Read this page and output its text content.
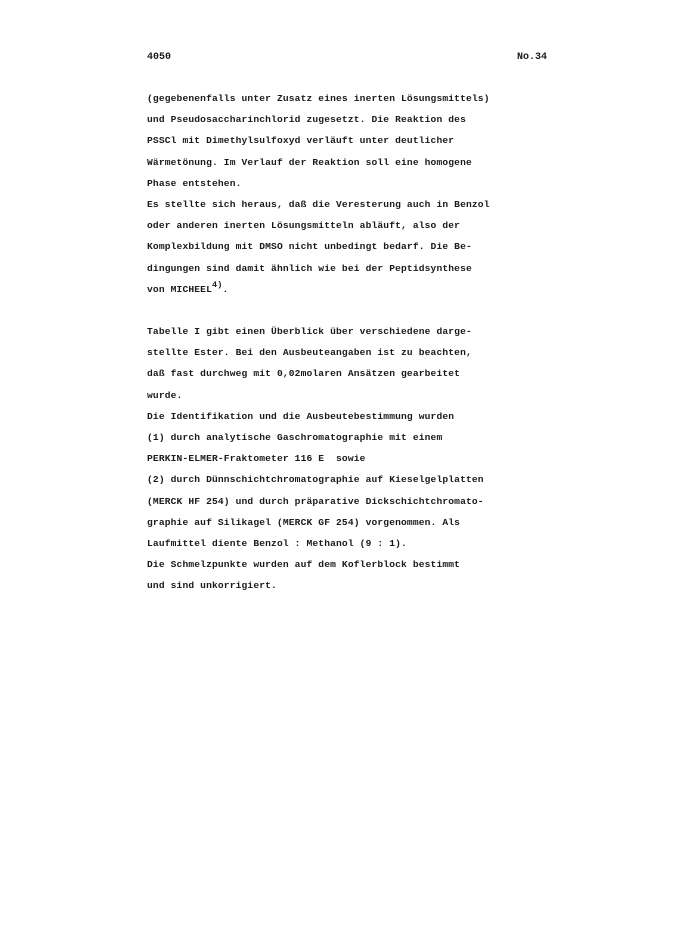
4050	No.34

(gegebenenfalls unter Zusatz eines inerten Lösungsmittels)

und Pseudosaccharinchlorid zugesetzt. Die Reaktion des

PSSCl mit Dimethylsulfoxyd verläuft unter deutlicher

Wärmetönung. Im Verlauf der Reaktion soll eine homogene

Phase entstehen.

Es stellte sich heraus, daß die Veresterung auch in Benzol

oder anderen inerten Lösungsmitteln abläuft, also der

Komplexbildung mit DMSO nicht unbedingt bedarf. Die Be-

dingungen sind damit ähnlich wie bei der Peptidsynthese

von MICHEEL$^{4)}$.

Tabelle I gibt einen Überblick über verschiedene darge-

stellte Ester. Bei den Ausbeuteangaben ist zu beachten,

daß fast durchweg mit 0,02molaren Ansätzen gearbeitet

wurde.

Die Identifikation und die Ausbeutebestimmung wurden

(1) durch analytische Gaschromatographie mit einem

PERKIN-ELMER-Fraktometer 116 E  sowie

(2) durch Dünnschichtchromatographie auf Kieselgelplatten

(MERCK HF 254) und durch präparative Dickschichtchromato-

graphie auf Silikagel (MERCK GF 254) vorgenommen. Als

Laufmittel diente Benzol : Methanol (9 : 1).

Die Schmelzpunkte wurden auf dem Koflerblock bestimmt

und sind unkorrigiert.
